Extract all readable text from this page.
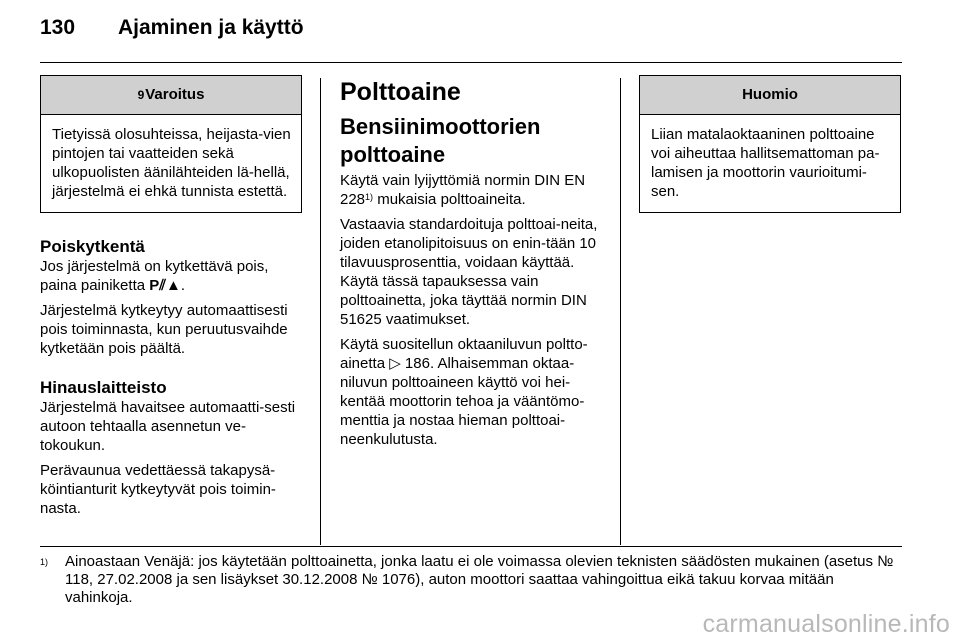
130 Ajaminen ja käyttö
9Varoitus
Tietyissä olosuhteissa, heijasta-vien pintojen tai vaatteiden sekä ulkopuolisten äänilähteiden lä-hellä, järjestelmä ei ehkä tunnista estettä.
Poiskytkentä

Jos järjestelmä on kytkettävä pois, paina painiketta P⫽▲.

Järjestelmä kytkeytyy automaattisesti pois toiminnasta, kun peruutusvaihde kytketään pois päältä.

Hinauslaitteisto

Järjestelmä havaitsee automaatti-sesti autoon tehtaalla asennetun ve-tokoukun.

Perävaunua vedettäessä takapysä-köintianturit kytkeytyvät pois toimin-nasta.

Polttoaine
Bensiinimoottorien polttoaine

Käytä vain lyijyttömiä normin DIN EN 228$^{1)}$ mukaisia polttoaineita.

Vastaavia standardoituja polttoai-neita, joiden etanolipitoisuus on enin-tään 10 tilavuusprosenttia, voidaan käyttää. Käytä tässä tapauksessa vain polttoainetta, joka täyttää normin DIN 51625 vaatimukset.

Käytä suositellun oktaaniluvun poltto-ainetta ▷ 186. Alhaisemman oktaa-niluvun polttoaineen käyttö voi hei-kentää moottorin tehoa ja vääntömo-menttia ja nostaa hieman polttoai-neenkulutusta.

Huomio
Liian matalaoktaaninen polttoaine voi aiheuttaa hallitsemattoman pa-lamisen ja moottorin vaurioitumi-sen.
1) Ainoastaan Venäjä: jos käytetään polttoainetta, jonka laatu ei ole voimassa olevien teknisten säädösten mukainen (asetus № 118, 27.02.2008 ja sen lisäykset 30.12.2008 № 1076), auton moottori saattaa vahingoittua eikä takuu korvaa mitään vahinkoja.
carmanualsonline.info
